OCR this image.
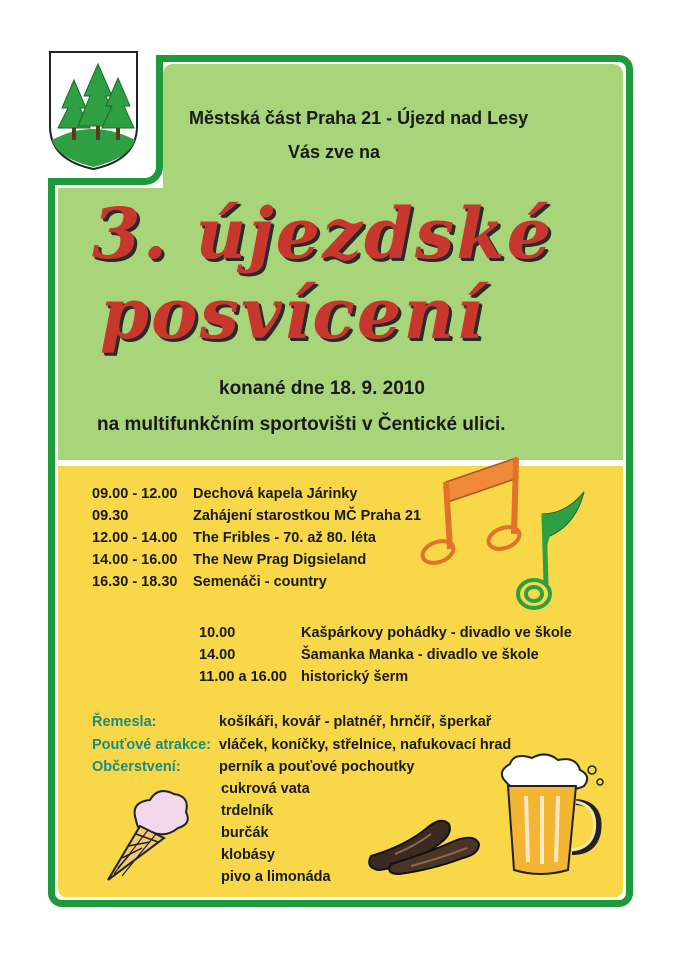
Městská část Praha 21 - Újezd nad Lesy
Vás zve na
3. újezdské
posvícení
konané dne 18. 9. 2010
na multifunkčním sportovišti v Čentické ulici.
09.00 - 12.00 Dechová kapela Járinky
09.30	Zahájení starostkou MČ Praha 21
12.00 - 14.00 The Fribles - 70. až 80. léta
14.00 - 16.00 The New Prag Digsieland
16.30 - 18.30 Semenáči - country
10.00	Kašpárkovy pohádky - divadlo ve škole
14.00	Šamanka Manka - divadlo ve škole
11.00 a 16.00 historický šerm
Řemesla:	košíkáři, kovář - platnéř, hrnčíř, šperkař
Pouťové atrakce: vláček, koníčky, střelnice, nafukovací hrad
Občerstvení:	perník a pouťové pochoutky
cukrová vata
trdelník
burčák
klobásy
pivo a limonáda
